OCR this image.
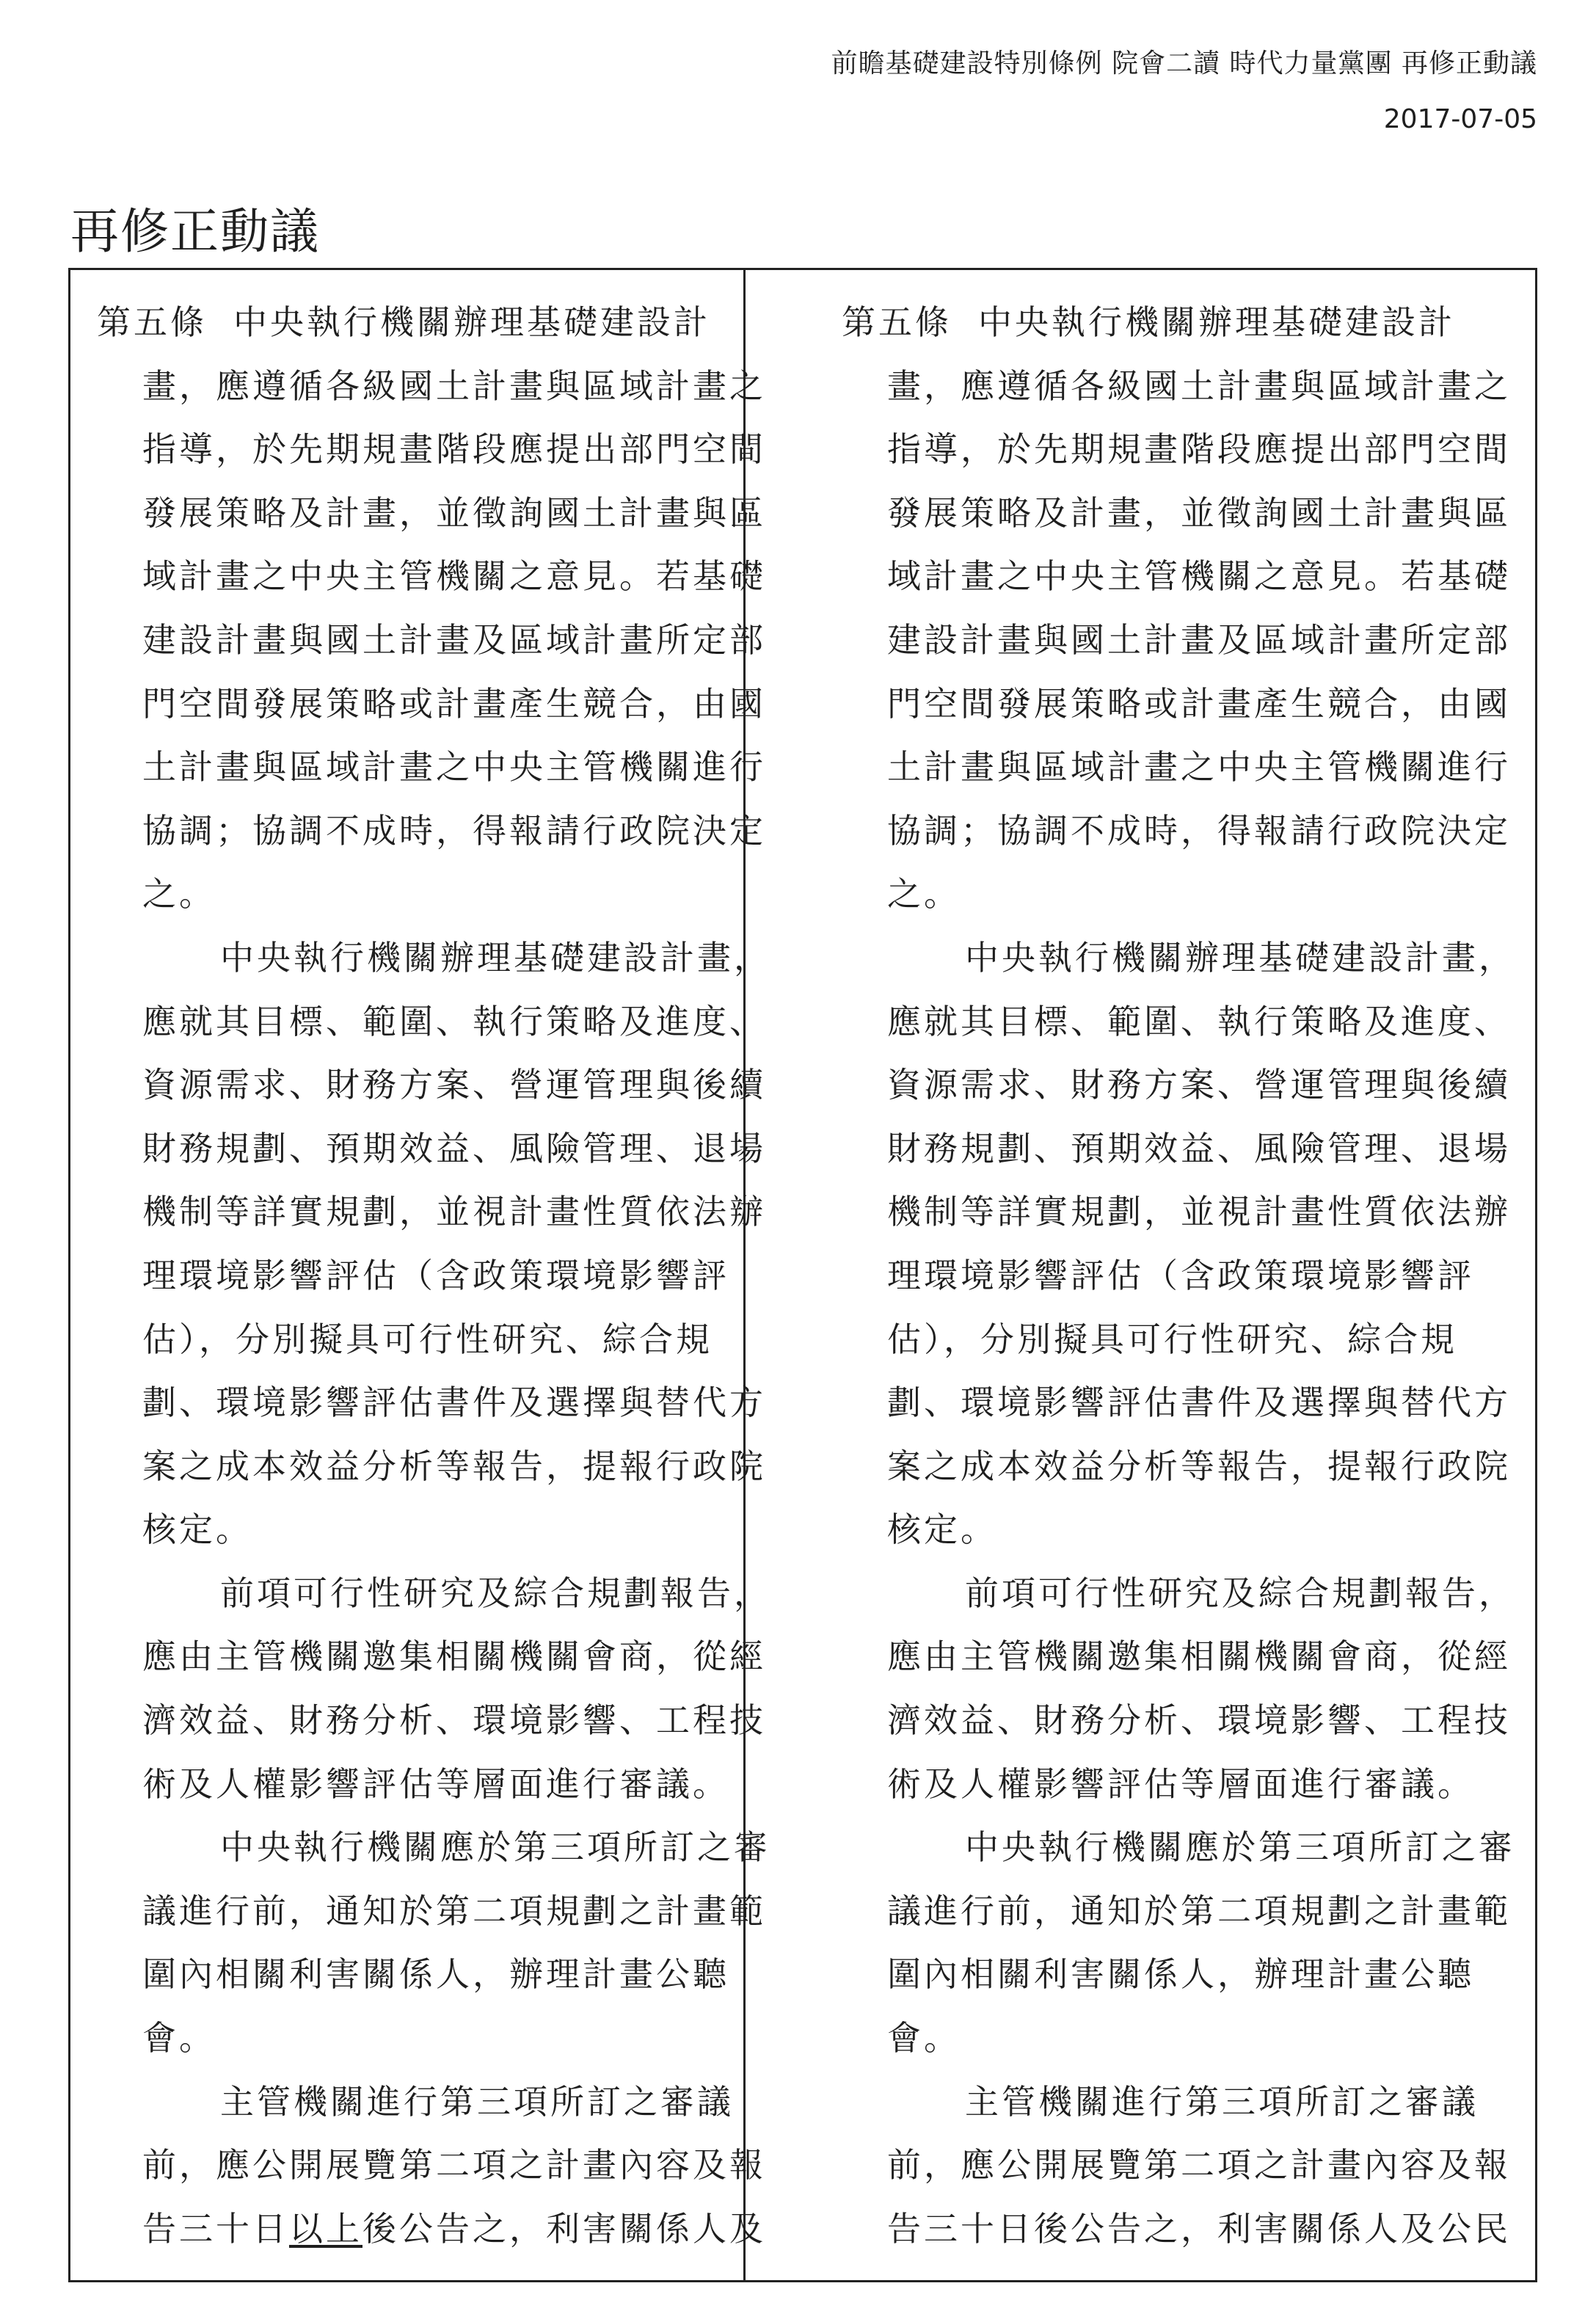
前瞻基礎建設特別條例 院會二讀 時代力量黨團 再修正動議
2017-07-05
再修正動議
第五條 中央執行機關辦理基礎建設計
畫，應遵循各級國土計畫與區域計畫之
指導，於先期規畫階段應提出部門空間
發展策略及計畫，並徵詢國土計畫與區
域計畫之中央主管機關之意見。若基礎
建設計畫與國土計畫及區域計畫所定部
門空間發展策略或計畫產生競合，由國
土計畫與區域計畫之中央主管機關進行
協調；協調不成時，得報請行政院決定
之。
中央執行機關辦理基礎建設計畫，
應就其目標、範圍、執行策略及進度、
資源需求、財務方案、營運管理與後續
財務規劃、預期效益、風險管理、退場
機制等詳實規劃，並視計畫性質依法辦
理環境影響評估（含政策環境影響評
估），分別擬具可行性研究、綜合規
劃、環境影響評估書件及選擇與替代方
案之成本效益分析等報告，提報行政院
核定。
前項可行性研究及綜合規劃報告，
應由主管機關邀集相關機關會商，從經
濟效益、財務分析、環境影響、工程技
術及人權影響評估等層面進行審議。
中央執行機關應於第三項所訂之審
議進行前，通知於第二項規劃之計畫範
圍內相關利害關係人，辦理計畫公聽
會。
主管機關進行第三項所訂之審議
前，應公開展覽第二項之計畫內容及報
告三十日以上後公告之，利害關係人及
第五條 中央執行機關辦理基礎建設計
畫，應遵循各級國土計畫與區域計畫之
指導，於先期規畫階段應提出部門空間
發展策略及計畫，並徵詢國土計畫與區
域計畫之中央主管機關之意見。若基礎
建設計畫與國土計畫及區域計畫所定部
門空間發展策略或計畫產生競合，由國
土計畫與區域計畫之中央主管機關進行
協調；協調不成時，得報請行政院決定
之。
中央執行機關辦理基礎建設計畫，
應就其目標、範圍、執行策略及進度、
資源需求、財務方案、營運管理與後續
財務規劃、預期效益、風險管理、退場
機制等詳實規劃，並視計畫性質依法辦
理環境影響評估（含政策環境影響評
估），分別擬具可行性研究、綜合規
劃、環境影響評估書件及選擇與替代方
案之成本效益分析等報告，提報行政院
核定。
前項可行性研究及綜合規劃報告，
應由主管機關邀集相關機關會商，從經
濟效益、財務分析、環境影響、工程技
術及人權影響評估等層面進行審議。
中央執行機關應於第三項所訂之審
議進行前，通知於第二項規劃之計畫範
圍內相關利害關係人，辦理計畫公聽
會。
主管機關進行第三項所訂之審議
前，應公開展覽第二項之計畫內容及報
告三十日後公告之，利害關係人及公民
